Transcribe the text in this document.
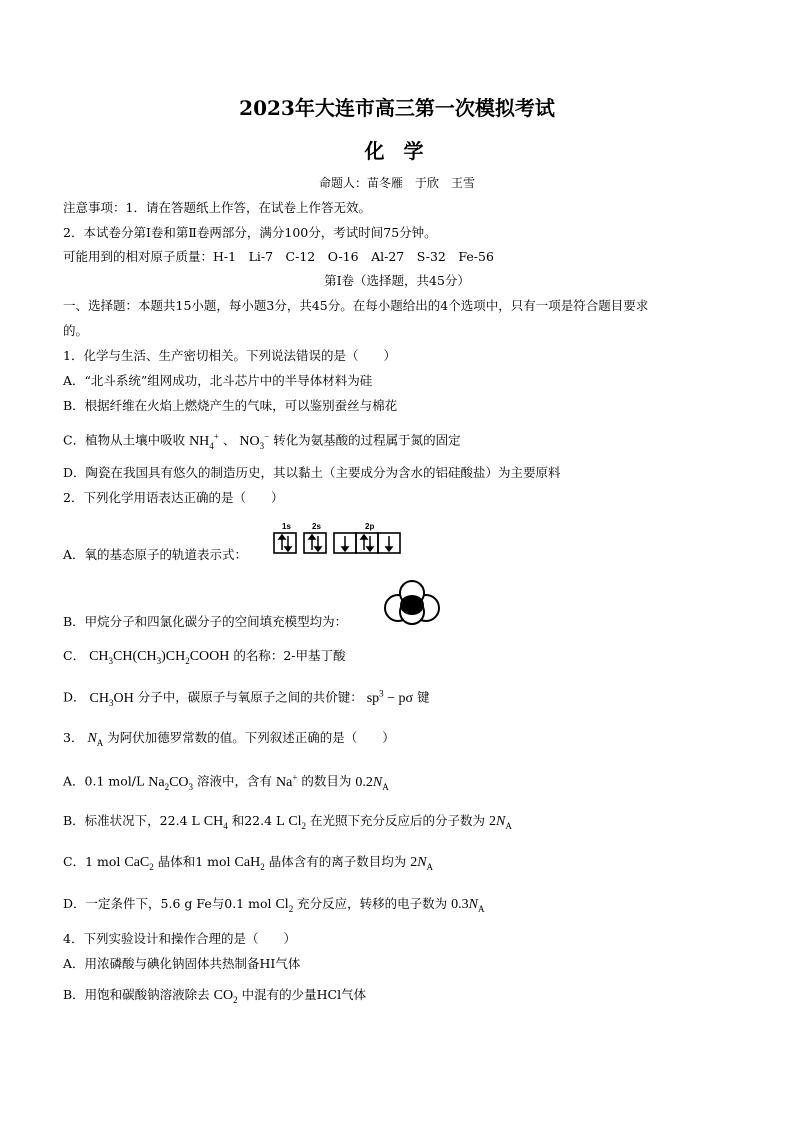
2023年大连市高三第一次模拟考试
化 学
命题人：苗冬雁　于欣　王雪
注意事项：1．请在答题纸上作答，在试卷上作答无效。
2．本试卷分第Ⅰ卷和第Ⅱ卷两部分，满分100分，考试时间75分钟。
可能用到的相对原子质量：H-1　Li-7　C-12　O-16　Al-27　S-32　Fe-56
第Ⅰ卷（选择题，共45分）
一、选择题：本题共15小题，每小题3分，共45分。在每小题给出的4个选项中，只有一项是符合题目要求
的。
1．化学与生活、生产密切相关。下列说法错误的是（　　）
A．“北斗系统”组网成功，北斗芯片中的半导体材料为硅
B．根据纤维在火焰上燃烧产生的气味，可以鉴别蚕丝与棉花
C．植物从土壤中吸收 $NH_4^+$ 、 $NO_3^-$ 转化为氨基酸的过程属于氮的固定
D．陶瓷在我国具有悠久的制造历史，其以黏土（主要成分为含水的铝硅酸盐）为主要原料
2．下列化学用语表达正确的是（　　）
1s	2s	2p
A．氧的基态原子的轨道表示式：
B．甲烷分子和四氯化碳分子的空间填充模型均为：
C． $CH_3CH(CH_3)CH_2COOH$ 的名称：2-甲基丁酸
D． $CH_3OH$ 分子中，碳原子与氧原子之间的共价键： $sp^3 - p\sigma$ 键
3． $N_A$ 为阿伏加德罗常数的值。下列叙述正确的是（　　）
A．0.1 mol/L $Na_2CO_3$ 溶液中，含有 Na+ 的数目为 $0.2N_A$
B．标准状况下，22.4 L $CH_4$ 和22.4 L $Cl_2$ 在光照下充分反应后的分子数为 $2N_A$
C．1 mol CaC$_2$ 晶体和1 mol CaH$_2$ 晶体含有的离子数目均为 $2N_A$
D．一定条件下，5.6 g Fe与0.1 mol $Cl_2$ 充分反应，转移的电子数为 $0.3N_A$
4．下列实验设计和操作合理的是（　　）
A．用浓磷酸与碘化钠固体共热制备HI气体
B．用饱和碳酸钠溶液除去 $CO_2$ 中混有的少量HCl气体
